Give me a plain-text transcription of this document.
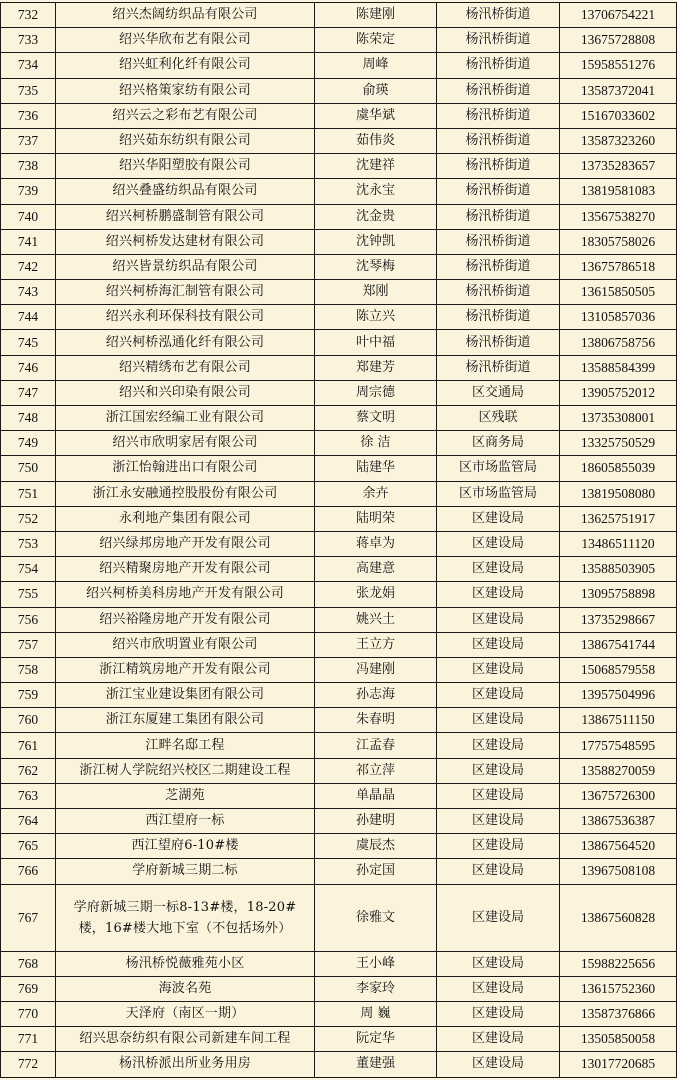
732	绍兴杰阔纺织品有限公司	陈建刚	杨汛桥街道	13706754221
733	绍兴华欣布艺有限公司	陈荣定	杨汛桥街道	13675728808
734	绍兴虹利化纤有限公司	周峰	杨汛桥街道	15958551276
735	绍兴格策家纺有限公司	俞瑛	杨汛桥街道	13587372041
736	绍兴云之彩布艺有限公司	虞华斌	杨汛桥街道	15167033602
737	绍兴茹东纺织有限公司	茹伟炎	杨汛桥街道	13587323260
738	绍兴华阳塑胶有限公司	沈建祥	杨汛桥街道	13735283657
739	绍兴叠盛纺织品有限公司	沈永宝	杨汛桥街道	13819581083
740	绍兴柯桥鹏盛制管有限公司	沈金贵	杨汛桥街道	13567538270
741	绍兴柯桥发达建材有限公司	沈钟凯	杨汛桥街道	18305758026
742	绍兴皆景纺织品有限公司	沈琴梅	杨汛桥街道	13675786518
743	绍兴柯桥海汇制管有限公司	郑刚	杨汛桥街道	13615850505
744	绍兴永利环保科技有限公司	陈立兴	杨汛桥街道	13105857036
745	绍兴柯桥泓通化纤有限公司	叶中福	杨汛桥街道	13806758756
746	绍兴精绣布艺有限公司	郑建芳	杨汛桥街道	13588584399
747	绍兴和兴印染有限公司	周宗德	区交通局	13905752012
748	浙江国宏经编工业有限公司	蔡文明	区残联	13735308001
749	绍兴市欣明家居有限公司	徐 洁	区商务局	13325750529
750	浙江怡翰进出口有限公司	陆建华	区市场监管局	18605855039
751	浙江永安融通控股股份有限公司	余卉	区市场监管局	13819508080
752	永利地产集团有限公司	陆明荣	区建设局	13625751917
753	绍兴绿邦房地产开发有限公司	蒋卓为	区建设局	13486511120
754	绍兴精聚房地产开发有限公司	高建意	区建设局	13588503905
755	绍兴柯桥美科房地产开发有限公司	张龙娟	区建设局	13095758898
756	绍兴裕隆房地产开发有限公司	姚兴土	区建设局	13735298667
757	绍兴市欣明置业有限公司	王立方	区建设局	13867541744
758	浙江精筑房地产开发有限公司	冯建刚	区建设局	15068579558
759	浙江宝业建设集团有限公司	孙志海	区建设局	13957504996
760	浙江东厦建工集团有限公司	朱春明	区建设局	13867511150
761	江畔名邸工程	江孟春	区建设局	17757548595
762	浙江树人学院绍兴校区二期建设工程	祁立萍	区建设局	13588270059
763	芝湖苑	单晶晶	区建设局	13675726300
764	西江望府一标	孙建明	区建设局	13867536387
765	西江望府6-10#楼	虞辰杰	区建设局	13867564520
766	学府新城三期二标	孙定国	区建设局	13967508108
767	学府新城三期一标8-13#楼，18-20#楼，16#楼大地下室（不包括场外）	徐雅文	区建设局	13867560828
768	杨汛桥悦薇雅苑小区	王小峰	区建设局	15988225656
769	海波名苑	李家玲	区建设局	13615752360
770	天泽府（南区一期）	周 巍	区建设局	13587376866
771	绍兴思奈纺织有限公司新建车间工程	阮定华	区建设局	13505850058
772	杨汛桥派出所业务用房	董建强	区建设局	13017720685
